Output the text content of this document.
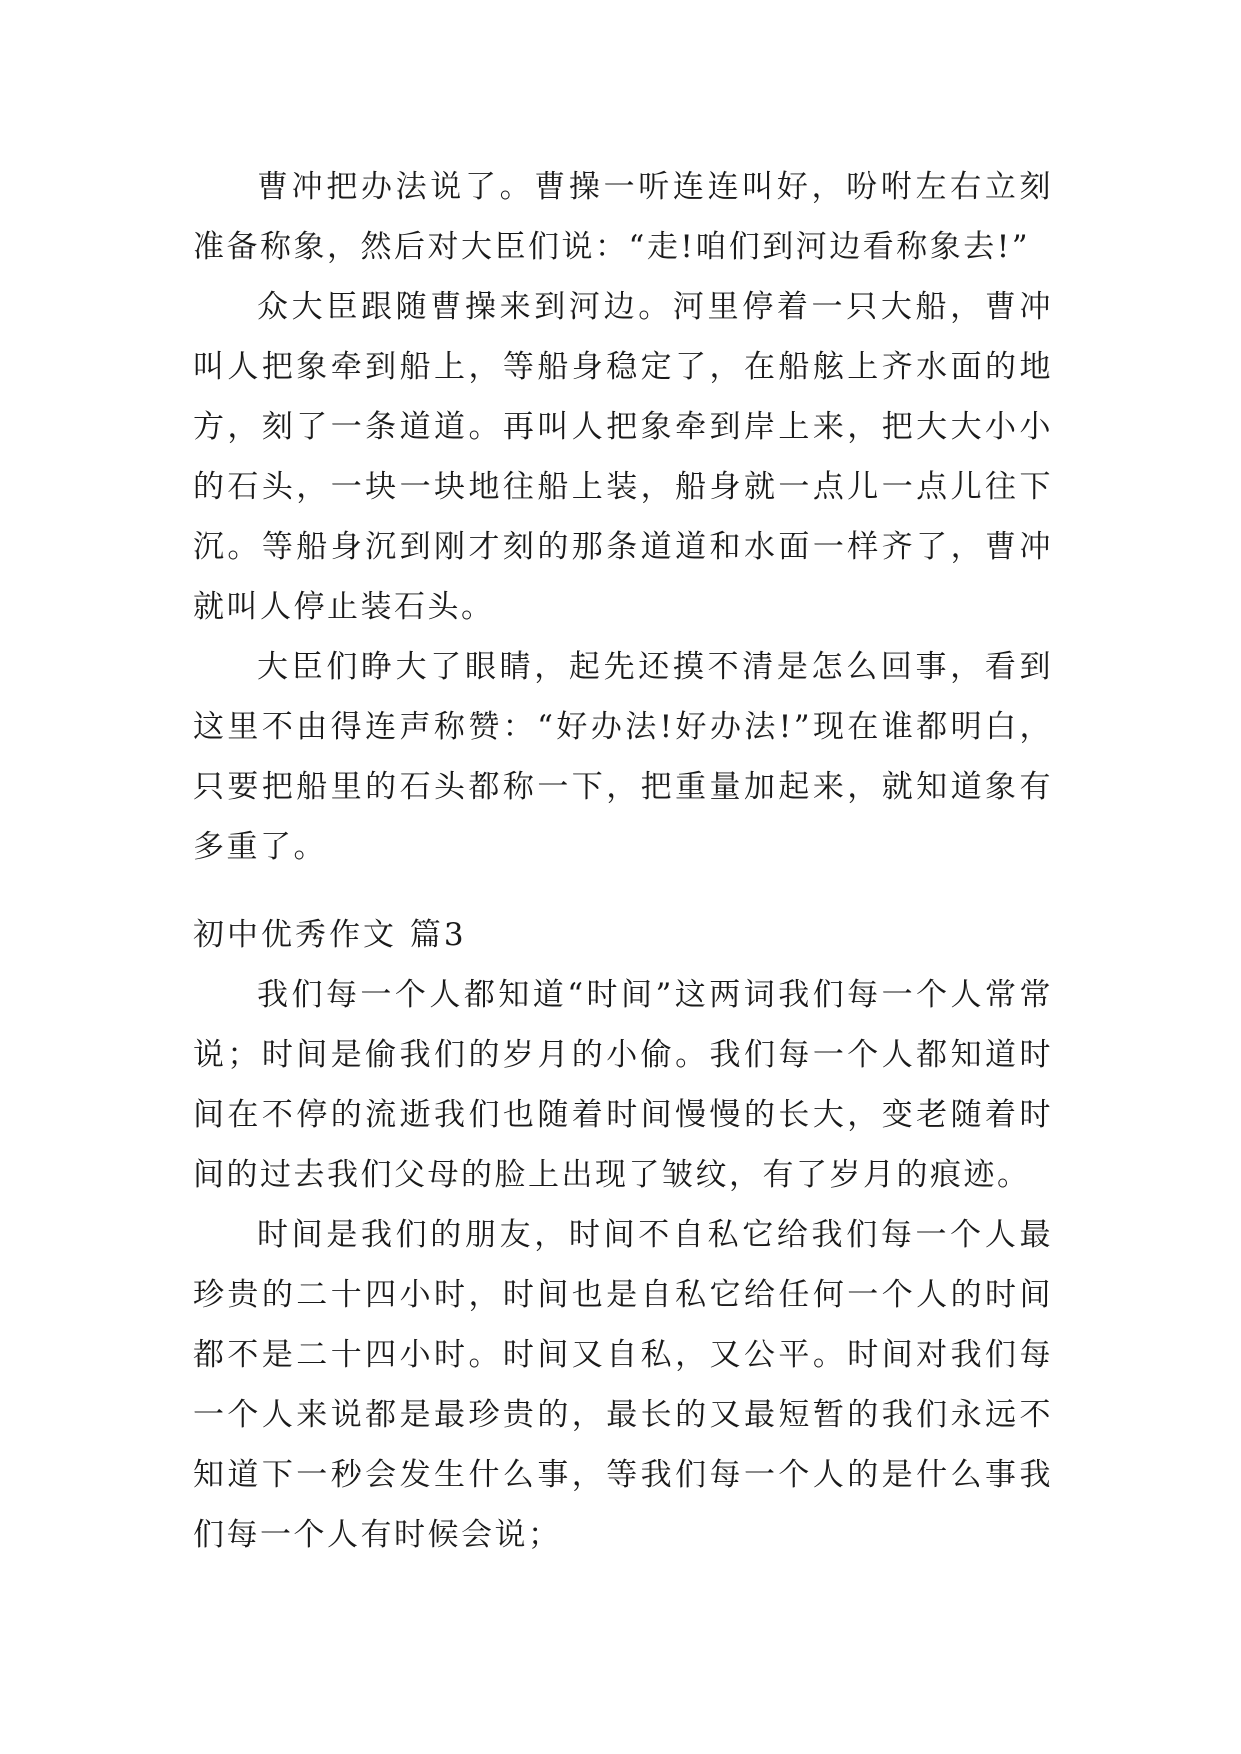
曹冲把办法说了。曹操一听连连叫好，吩咐左右立刻准备称象，然后对大臣们说：“走!咱们到河边看称象去!”

众大臣跟随曹操来到河边。河里停着一只大船，曹冲叫人把象牵到船上，等船身稳定了，在船舷上齐水面的地方，刻了一条道道。再叫人把象牵到岸上来，把大大小小的石头，一块一块地往船上装，船身就一点儿一点儿往下沉。等船身沉到刚才刻的那条道道和水面一样齐了，曹冲就叫人停止装石头。

大臣们睁大了眼睛，起先还摸不清是怎么回事，看到这里不由得连声称赞：“好办法!好办法!”现在谁都明白，只要把船里的石头都称一下，把重量加起来，就知道象有多重了。

初中优秀作文 篇3

我们每一个人都知道“时间”这两词我们每一个人常常说；时间是偷我们的岁月的小偷。我们每一个人都知道时间在不停的流逝我们也随着时间慢慢的长大，变老随着时间的过去我们父母的脸上出现了皱纹，有了岁月的痕迹。

时间是我们的朋友，时间不自私它给我们每一个人最珍贵的二十四小时，时间也是自私它给任何一个人的时间都不是二十四小时。时间又自私，又公平。时间对我们每一个人来说都是最珍贵的，最长的又最短暂的我们永远不知道下一秒会发生什么事，等我们每一个人的是什么事我们每一个人有时候会说；
